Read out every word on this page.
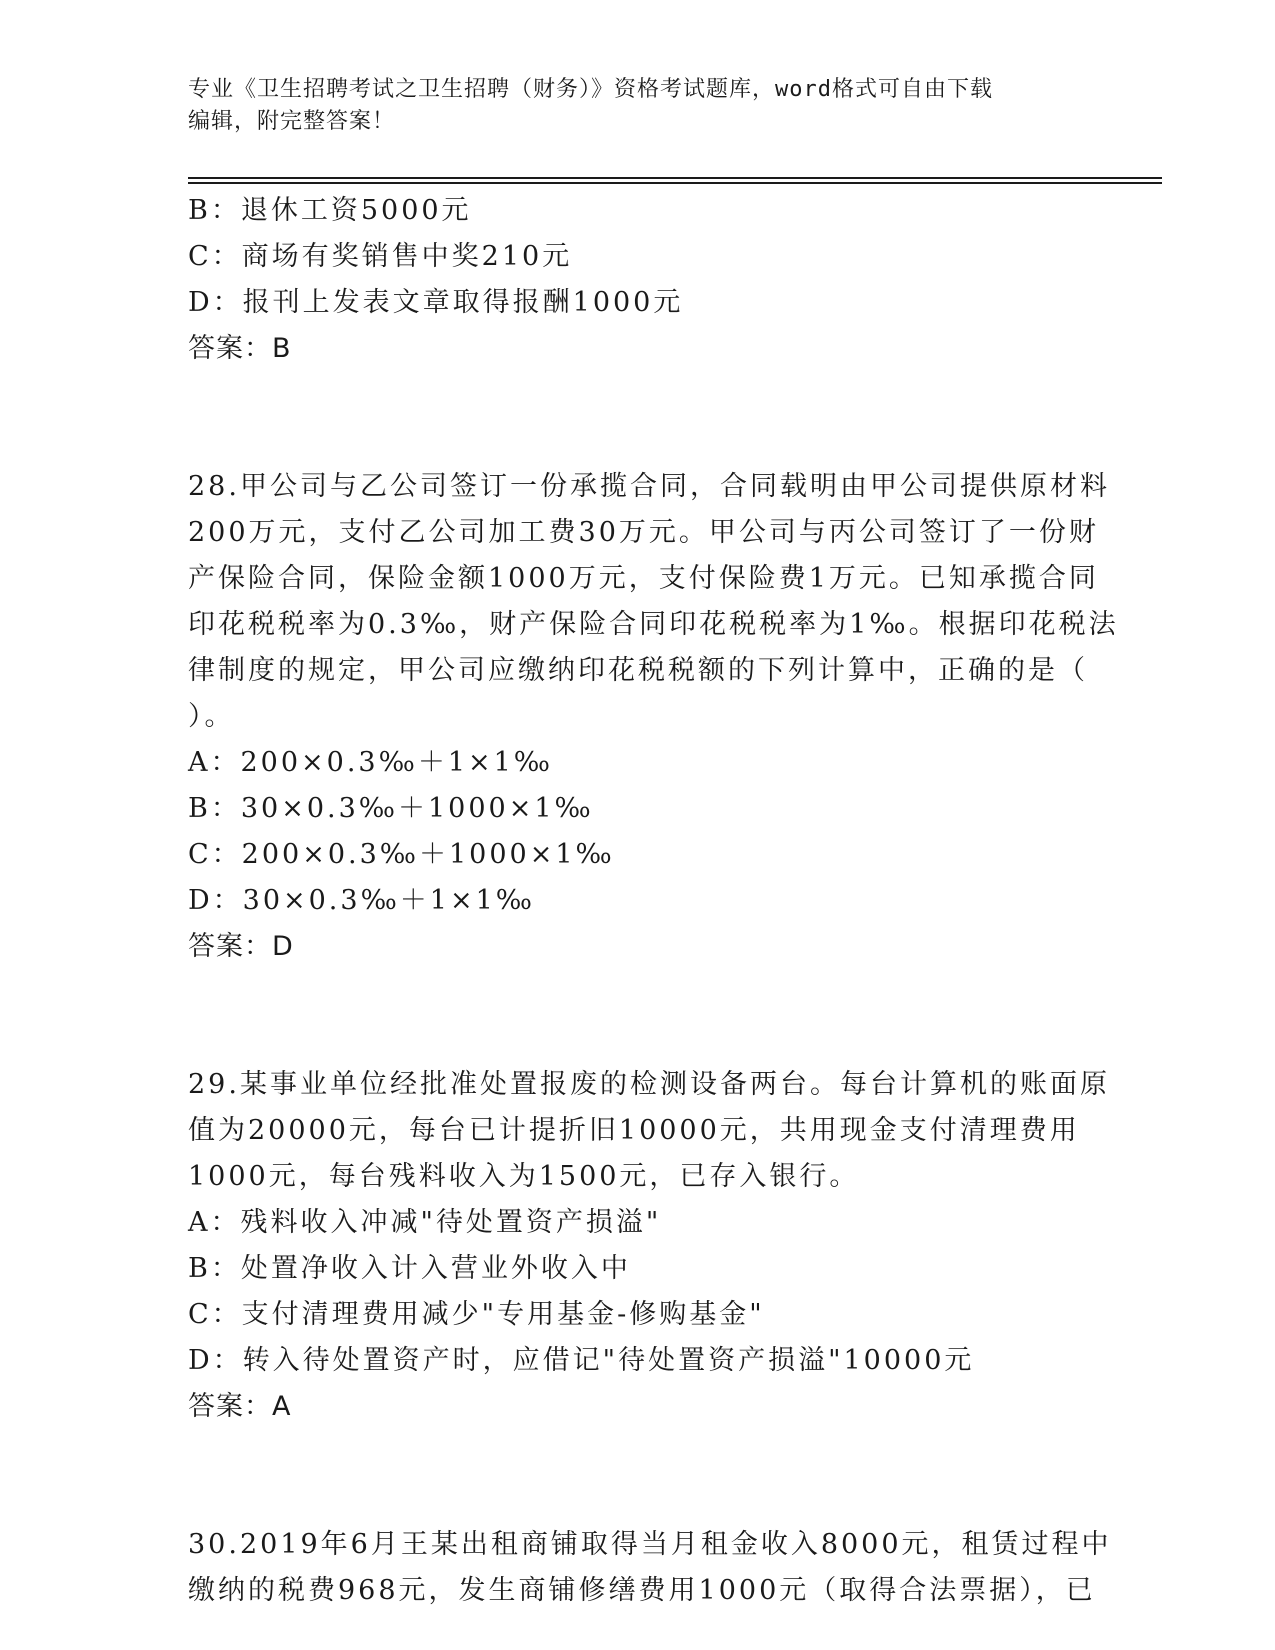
专业《卫生招聘考试之卫生招聘（财务）》资格考试题库，word格式可自由下载
编辑，附完整答案！
B：退休工资5000元
C：商场有奖销售中奖210元
D：报刊上发表文章取得报酬1000元
答案：B
28.甲公司与乙公司签订一份承揽合同，合同载明由甲公司提供原材料
200万元，支付乙公司加工费30万元。甲公司与丙公司签订了一份财
产保险合同，保险金额1000万元，支付保险费1万元。已知承揽合同
印花税税率为0.3‰，财产保险合同印花税税率为1‰。根据印花税法
律制度的规定，甲公司应缴纳印花税税额的下列计算中，正确的是（
）。
A：200×0.3‰＋1×1‰
B：30×0.3‰＋1000×1‰
C：200×0.3‰＋1000×1‰
D：30×0.3‰＋1×1‰
答案：D
29.某事业单位经批准处置报废的检测设备两台。每台计算机的账面原
值为20000元，每台已计提折旧10000元，共用现金支付清理费用
1000元，每台残料收入为1500元，已存入银行。
A：残料收入冲减"待处置资产损溢"
B：处置净收入计入营业外收入中
C：支付清理费用减少"专用基金-修购基金"
D：转入待处置资产时，应借记"待处置资产损溢"10000元
答案：A
30.2019年6月王某出租商铺取得当月租金收入8000元，租赁过程中
缴纳的税费968元，发生商铺修缮费用1000元（取得合法票据），已
